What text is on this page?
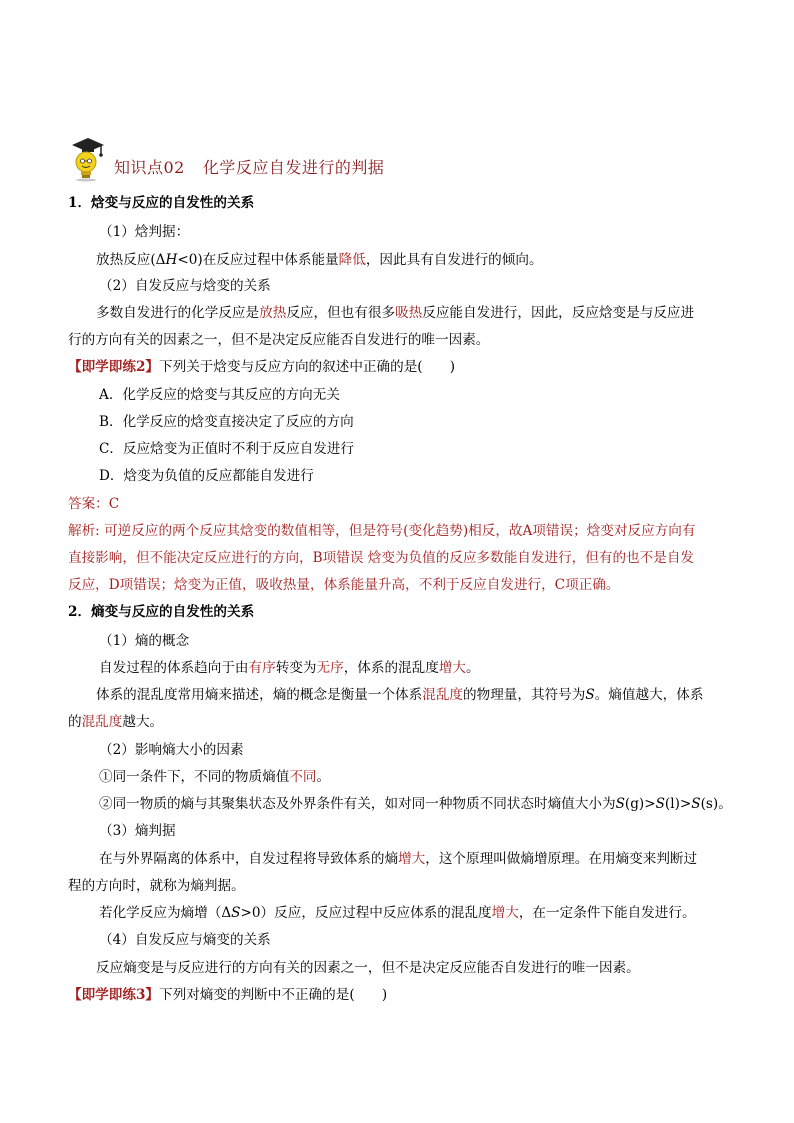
知识点02 化学反应自发进行的判据
1．焓变与反应的自发性的关系
（1）焓判据：
放热反应(ΔH<0)在反应过程中体系能量降低，因此具有自发进行的倾向。
（2）自发反应与焓变的关系
多数自发进行的化学反应是放热反应，但也有很多吸热反应能自发进行，因此，反应焓变是与反应进
行的方向有关的因素之一，但不是决定反应能否自发进行的唯一因素。
【即学即练2】下列关于焓变与反应方向的叙述中正确的是(　　)
A．化学反应的焓变与其反应的方向无关
B．化学反应的焓变直接决定了反应的方向
C．反应焓变为正值时不利于反应自发进行
D．焓变为负值的反应都能自发进行
答案：C
解析: 可逆反应的两个反应其焓变的数值相等，但是符号(变化趋势)相反，故A项错误；焓变对反应方向有
直接影响，但不能决定反应进行的方向，B项错误 焓变为负值的反应多数能自发进行，但有的也不是自发
反应，D项错误；焓变为正值，吸收热量，体系能量升高，不利于反应自发进行，C项正确。
2．熵变与反应的自发性的关系
（1）熵的概念
自发过程的体系趋向于由有序转变为无序，体系的混乱度增大。
体系的混乱度常用熵来描述，熵的概念是衡量一个体系混乱度的物理量，其符号为S。熵值越大，体系
的混乱度越大。
（2）影响熵大小的因素
①同一条件下，不同的物质熵值不同。
②同一物质的熵与其聚集状态及外界条件有关，如对同一种物质不同状态时熵值大小为S(g)>S(l)>S(s)。
（3）熵判据
在与外界隔离的体系中，自发过程将导致体系的熵增大，这个原理叫做熵增原理。在用熵变来判断过
程的方向时，就称为熵判据。
若化学反应为熵增（ΔS>0）反应，反应过程中反应体系的混乱度增大，在一定条件下能自发进行。
（4）自发反应与熵变的关系
反应熵变是与反应进行的方向有关的因素之一，但不是决定反应能否自发进行的唯一因素。
【即学即练3】下列对熵变的判断中不正确的是(　　)
